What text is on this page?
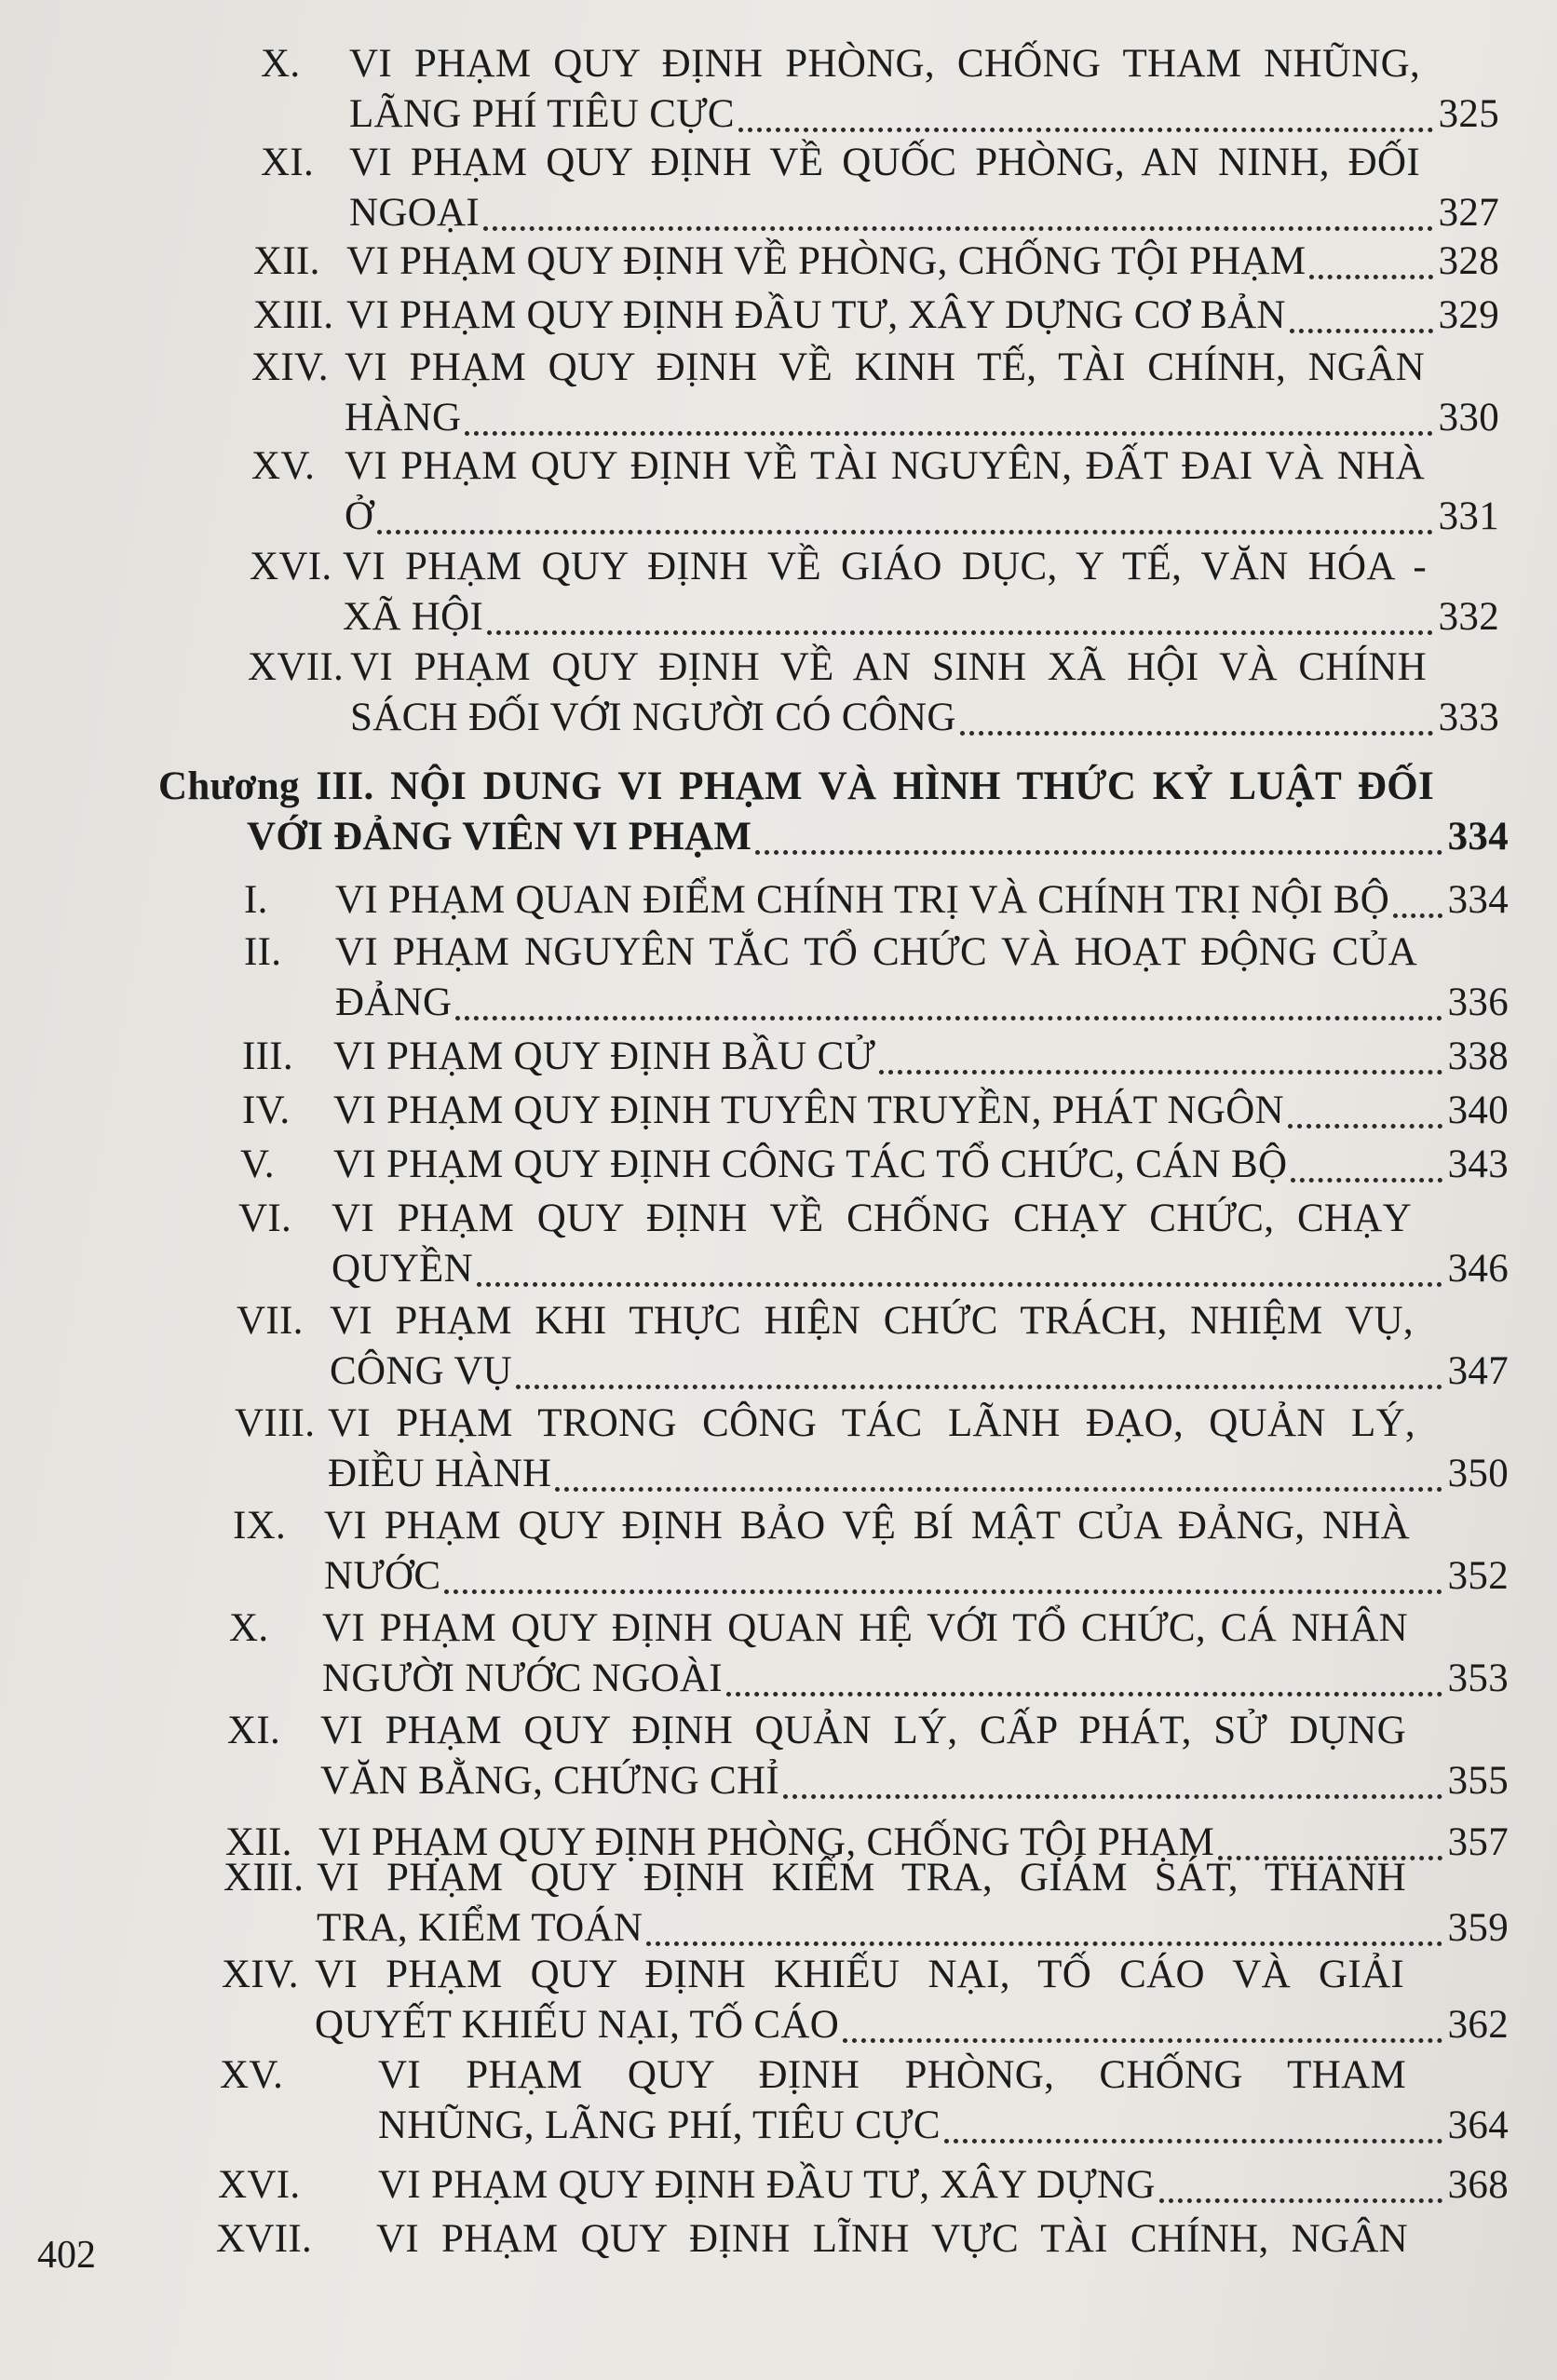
X. VI PHẠM QUY ĐỊNH PHÒNG, CHỐNG THAM NHŨNG,
LÃNG PHÍ TIÊU CỰC	325
XI. VI PHẠM QUY ĐỊNH VỀ QUỐC PHÒNG, AN NINH, ĐỐI
NGOẠI	327
XII. VI PHẠM QUY ĐỊNH VỀ PHÒNG, CHỐNG TỘI PHẠM	328
XIII. VI PHẠM QUY ĐỊNH ĐẦU TƯ, XÂY DỰNG CƠ BẢN	329
XIV. VI PHẠM QUY ĐỊNH VỀ KINH TẾ, TÀI CHÍNH, NGÂN
HÀNG	330
XV. VI PHẠM QUY ĐỊNH VỀ TÀI NGUYÊN, ĐẤT ĐAI VÀ NHÀ
Ở	331
XVI. VI PHẠM QUY ĐỊNH VỀ GIÁO DỤC, Y TẾ, VĂN HÓA -
XÃ HỘI	332
XVII. VI PHẠM QUY ĐỊNH VỀ AN SINH XÃ HỘI VÀ CHÍNH
SÁCH ĐỐI VỚI NGƯỜI CÓ CÔNG	333
Chương III. NỘI DUNG VI PHẠM VÀ HÌNH THỨC KỶ LUẬT ĐỐI
VỚI ĐẢNG VIÊN VI PHẠM	334
I. VI PHẠM QUAN ĐIỂM CHÍNH TRỊ VÀ CHÍNH TRỊ NỘI BỘ 334
II. VI PHẠM NGUYÊN TẮC TỔ CHỨC VÀ HOẠT ĐỘNG CỦA
ĐẢNG	336
III. VI PHẠM QUY ĐỊNH BẦU CỬ	338
IV. VI PHẠM QUY ĐỊNH TUYÊN TRUYỀN, PHÁT NGÔN	340
V. VI PHẠM QUY ĐỊNH CÔNG TÁC TỔ CHỨC, CÁN BỘ	343
VI. VI PHẠM QUY ĐỊNH VỀ CHỐNG CHẠY CHỨC, CHẠY
QUYỀN	346
VII. VI PHẠM KHI THỰC HIỆN CHỨC TRÁCH, NHIỆM VỤ,
CÔNG VỤ	347
VIII. VI PHẠM TRONG CÔNG TÁC LÃNH ĐẠO, QUẢN LÝ,
ĐIỀU HÀNH	350
IX. VI PHẠM QUY ĐỊNH BẢO VỆ BÍ MẬT CỦA ĐẢNG, NHÀ
NƯỚC	352
X. VI PHẠM QUY ĐỊNH QUAN HỆ VỚI TỔ CHỨC, CÁ NHÂN
NGƯỜI NƯỚC NGOÀI	353
XI. VI PHẠM QUY ĐỊNH QUẢN LÝ, CẤP PHÁT, SỬ DỤNG
VĂN BẰNG, CHỨNG CHỈ	355
XII. VI PHẠM QUY ĐỊNH PHÒNG, CHỐNG TỘI PHẠM	357
XIII. VI PHẠM QUY ĐỊNH KIỂM TRA, GIÁM SÁT, THANH
TRA, KIỂM TOÁN	359
XIV. VI PHẠM QUY ĐỊNH KHIẾU NẠI, TỐ CÁO VÀ GIẢI
QUYẾT KHIẾU NẠI, TỐ CÁO	362
XV. VI PHẠM QUY ĐỊNH PHÒNG, CHỐNG THAM
NHŨNG, LÃNG PHÍ, TIÊU CỰC	364
XVI. VI PHẠM QUY ĐỊNH ĐẦU TƯ, XÂY DỰNG	368
XVII. VI PHẠM QUY ĐỊNH LĨNH VỰC TÀI CHÍNH, NGÂN
402
